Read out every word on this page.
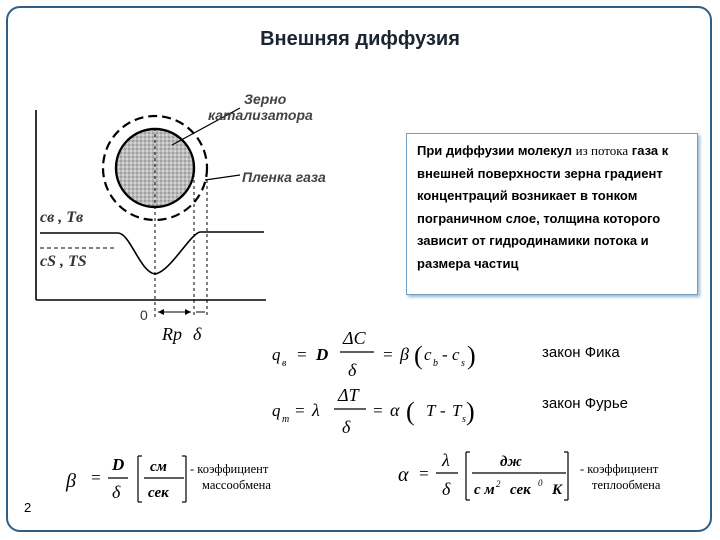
Внешняя диффузия
Зерно
катализатора
Пленка газа
cв , Tв
cS , TS
0
Rp δ
q в = D
ΔC
δ
= β ( c b - c s )
q т = λ
ΔT
δ
= α ( T - T s )
β =
D
δ
см
сек
α =
λ
δ
дж
с м 2 сек 0 K
При диффузии молекул из потока газа к внешней поверхности зерна градиент концентраций возникает в тонком пограничном слое, толщина которого зависит от гидродинамики потока и размера частиц
закон Фика
закон Фурье
- коэффициент
массообмена
- коэффициент
теплообмена
2
